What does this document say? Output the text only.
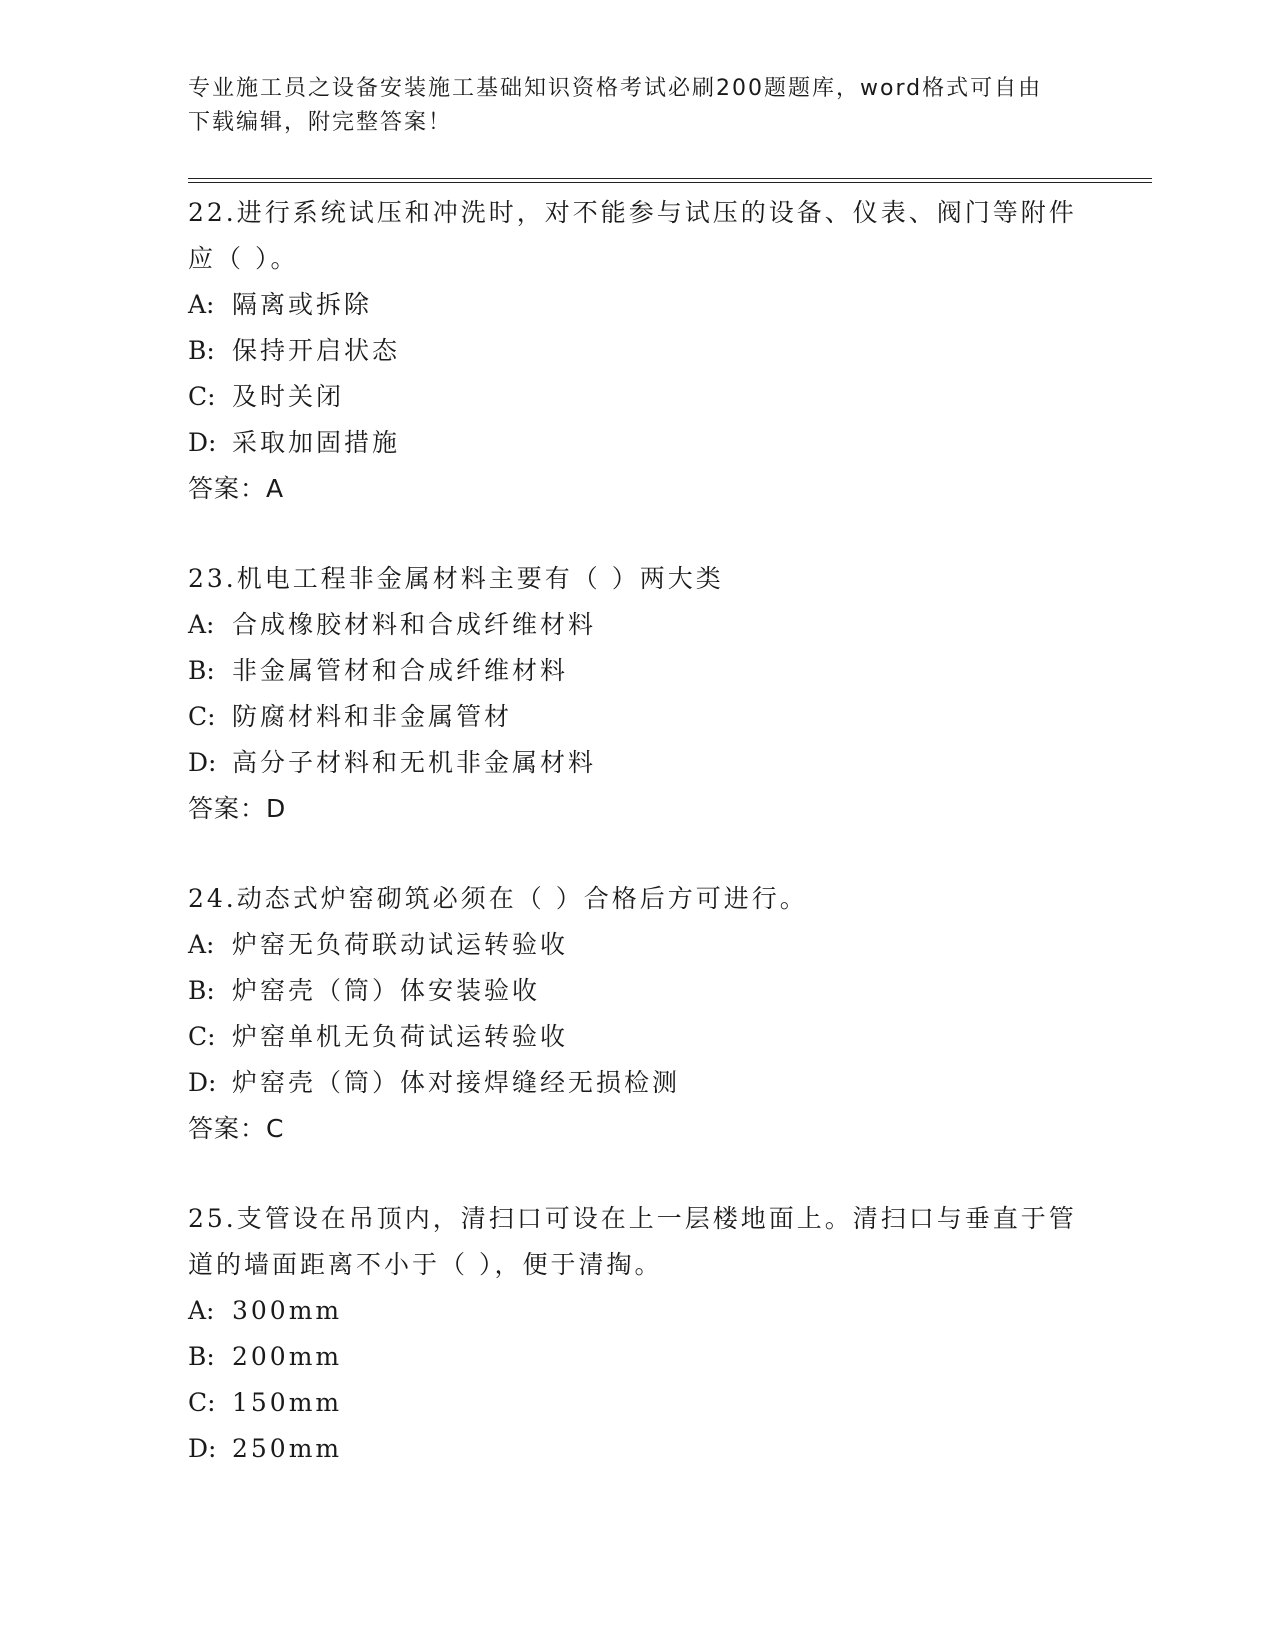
专业施工员之设备安装施工基础知识资格考试必刷200题题库，word格式可自由
下载编辑，附完整答案！
22.进行系统试压和冲洗时，对不能参与试压的设备、仪表、阀门等附件应（ ）。
A: 隔离或拆除
B: 保持开启状态
C: 及时关闭
D: 采取加固措施
答案：A
23.机电工程非金属材料主要有（ ）两大类
A: 合成橡胶材料和合成纤维材料
B: 非金属管材和合成纤维材料
C: 防腐材料和非金属管材
D: 高分子材料和无机非金属材料
答案：D
24.动态式炉窑砌筑必须在（ ）合格后方可进行。
A: 炉窑无负荷联动试运转验收
B: 炉窑壳（筒）体安装验收
C: 炉窑单机无负荷试运转验收
D: 炉窑壳（筒）体对接焊缝经无损检测
答案：C
25.支管设在吊顶内，清扫口可设在上一层楼地面上。清扫口与垂直于管道的墙面距离不小于（ ），便于清掏。
A: 300mm
B: 200mm
C: 150mm
D: 250mm
